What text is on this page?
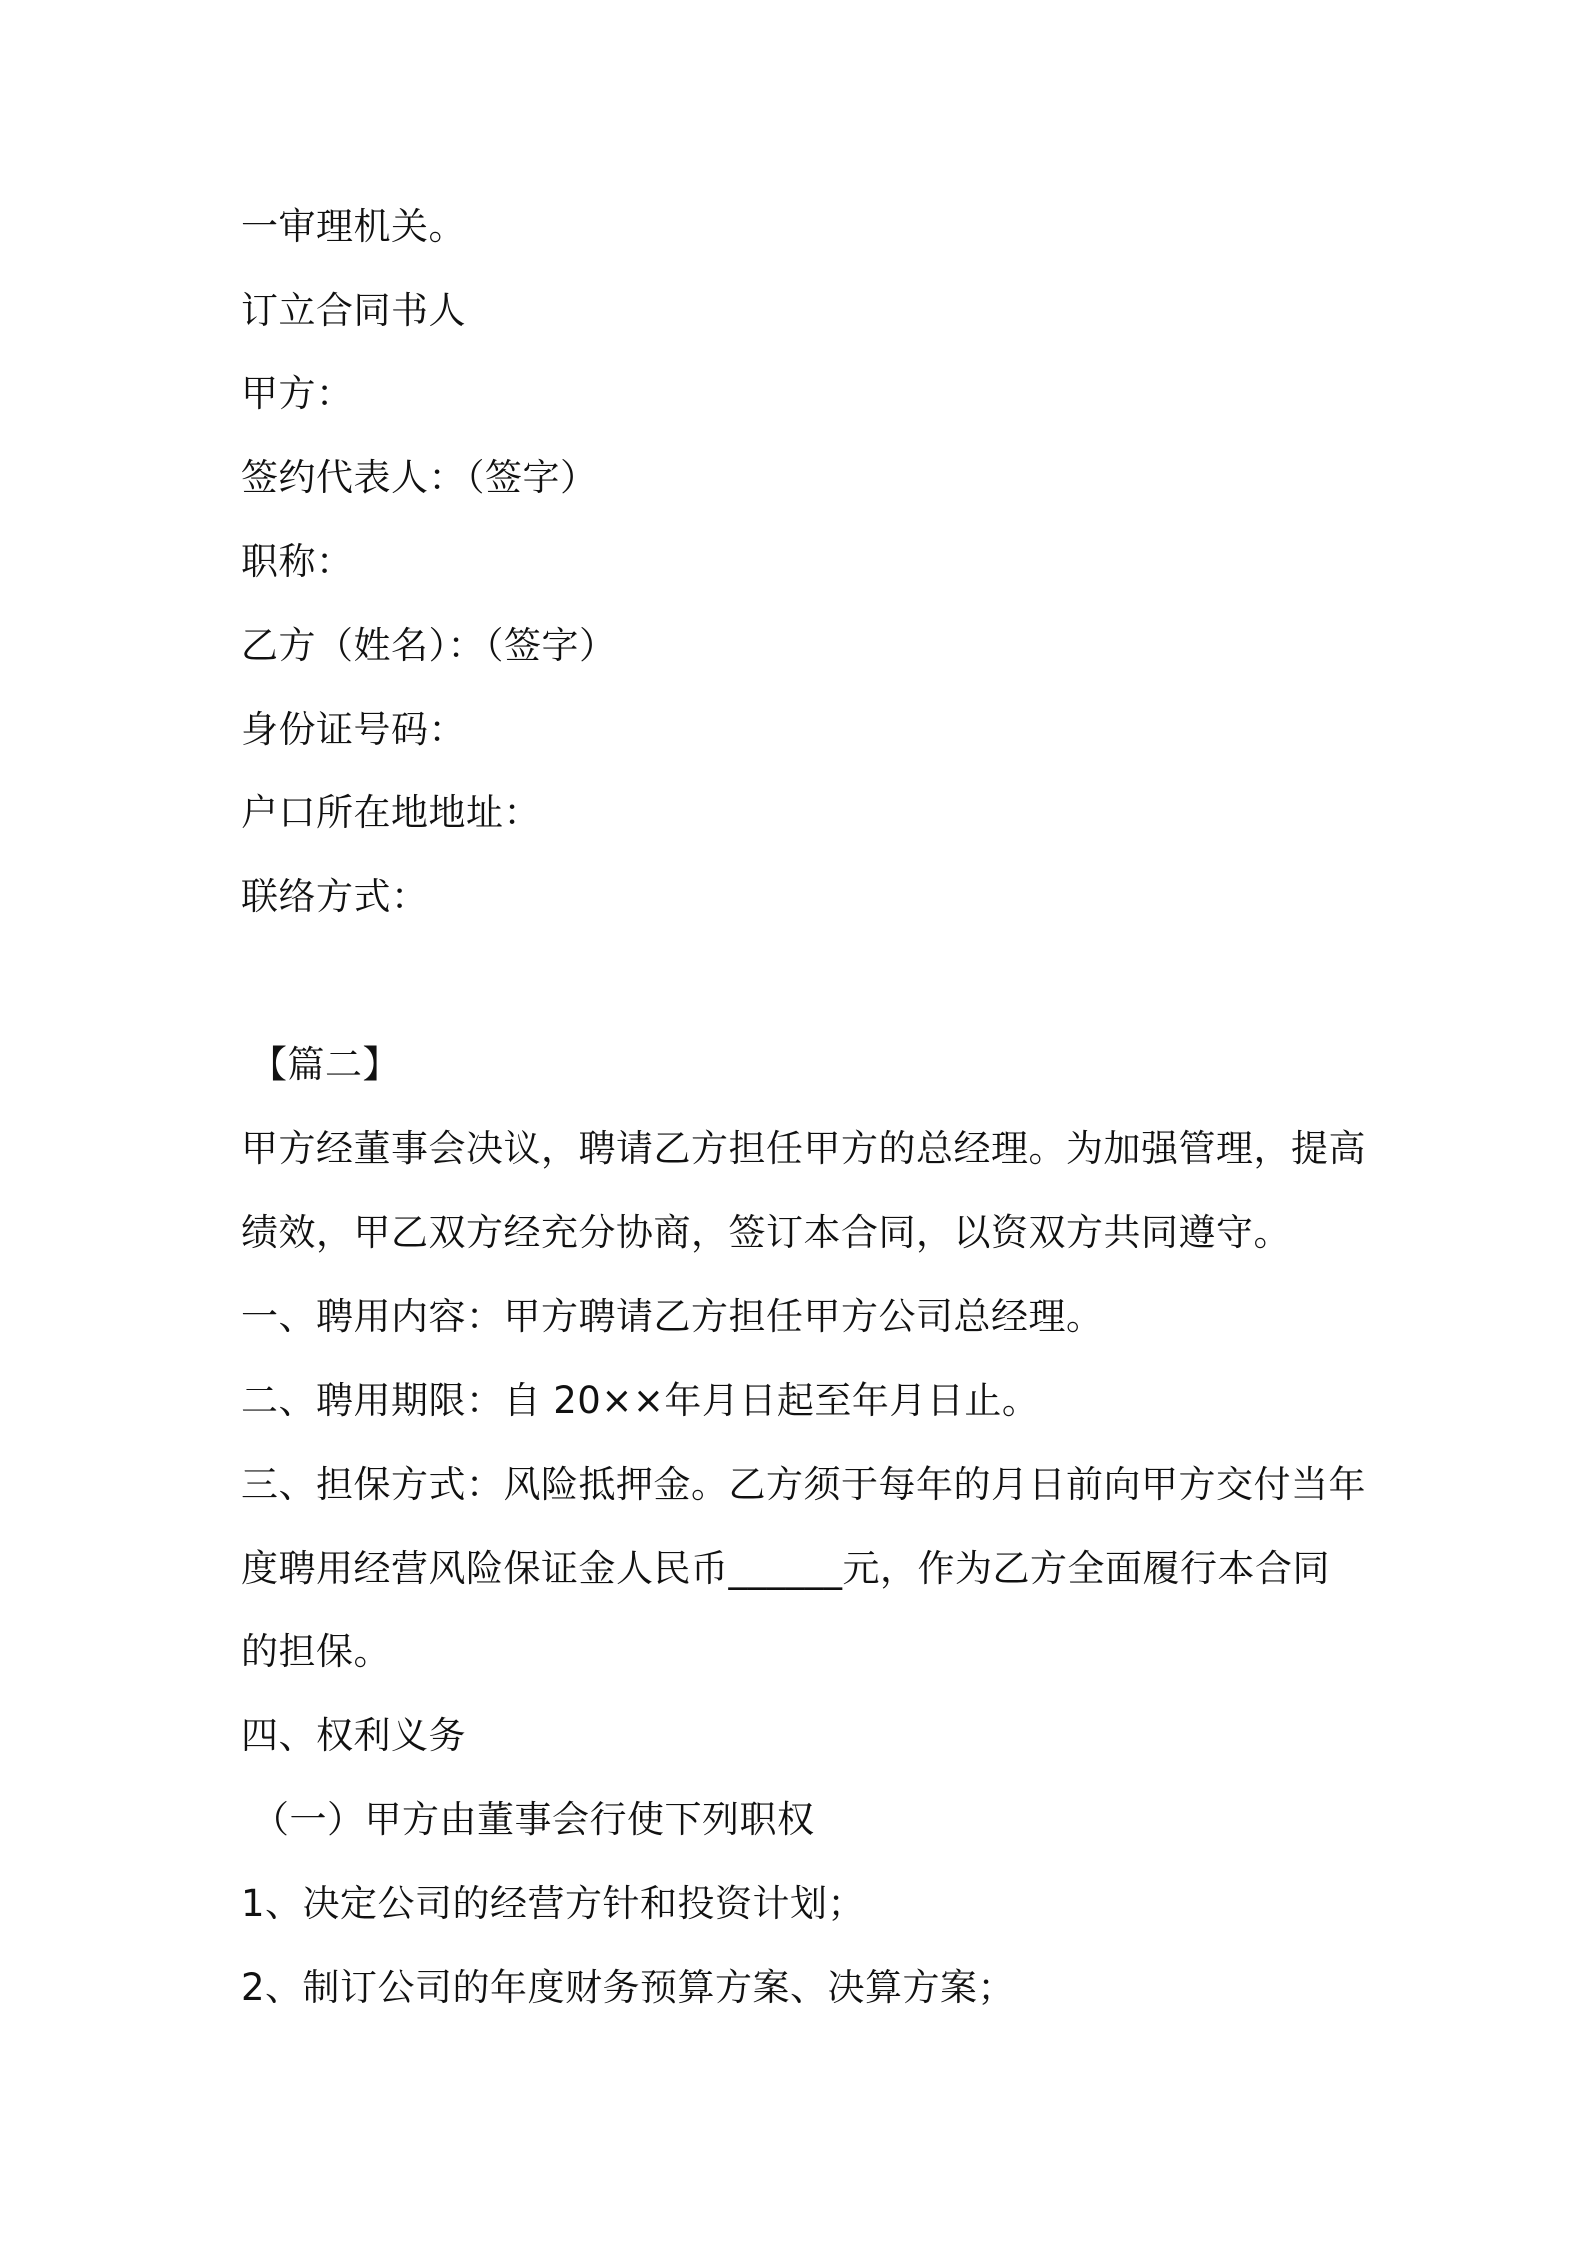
一审理机关。
订立合同书人
甲方：
签约代表人：（签字）
职称：
乙方（姓名）：（签字）
身份证号码：
户口所在地地址：
联络方式：
【篇二】
甲方经董事会决议，聘请乙方担任甲方的总经理。为加强管理，提高
绩效，甲乙双方经充分协商，签订本合同，以资双方共同遵守。
一、聘用内容：甲方聘请乙方担任甲方公司总经理。
二、聘用期限：自 20××年月日起至年月日止。
三、担保方式：风险抵押金。乙方须于每年的月日前向甲方交付当年
度聘用经营风险保证金人民币______元，作为乙方全面履行本合同
的担保。
四、权利义务
（一）甲方由董事会行使下列职权
1、决定公司的经营方针和投资计划；
2、制订公司的年度财务预算方案、决算方案；
